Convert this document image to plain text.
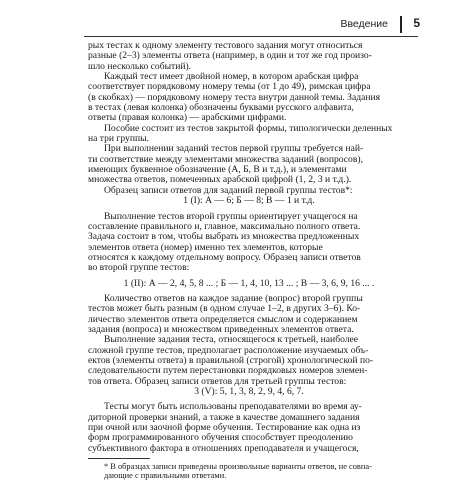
Введение 5

рых тестах к одному элементу тестового задания могут относиться

разные (2–3) элементы ответа (например, в один и тот же год произо-

шло несколько событий).

Каждый тест имеет двойной номер, в котором арабская цифра

соответствует порядковому номеру темы (от 1 до 49), римская цифра

(в скобках) — порядковому номеру теста внутри данной темы. Задания

в тестах (левая колонка) обозначены буквами русского алфавита,

ответы (правая колонка) — арабскими цифрами.

Пособие состоит из тестов закрытой формы, типологически деленных

на три группы.

При выполнении заданий тестов первой группы требуется най-

ти соответствие между элементами множества заданий (вопросов),

имеющих буквенное обозначение (А, Б, В и т.д.), и элементами

множества ответов, помеченных арабской цифрой (1, 2, 3 и т.д.).

Образец записи ответов для заданий первой группы тестов*:

1 (I): А — 6; Б — 8; В — 1 и т.д.

Выполнение тестов второй группы ориентирует учащегося на

составление правильного и, главное, максимально полного ответа.

Задача состоит в том, чтобы выбрать из множества предложенных

элементов ответа (номер) именно тех элементов, которые

относятся к каждому отдельному вопросу. Образец записи ответов

во второй группе тестов:

1 (II): А — 2, 4, 5, 8 ... ; Б — 1, 4, 10, 13 ... ; В — 3, 6, 9, 16 ... .

Количество ответов на каждое задание (вопрос) второй группы

тестов может быть разным (в одном случае 1–2, в других 3–6). Ко-

личество элементов ответа определяется смыслом и содержанием

задания (вопроса) и множеством приведенных элементов ответа.

Выполнение задания теста, относящегося к третьей, наиболее

сложной группе тестов, предполагает расположение изучаемых объ-

ектов (элементы ответа) в правильной (строгой) хронологической по-

следовательности путем перестановки порядковых номеров элемен-

тов ответа. Образец записи ответов для третьей группы тестов:

3 (V): 5, 1, 3, 8, 2, 9, 4, 6, 7.

Тесты могут быть использованы преподавателями во время ау-

диторной проверки знаний, а также в качестве домашнего задания

при очной или заочной форме обучения. Тестирование как одна из

форм программированного обучения способствует преодолению

субъективного фактора в отношениях преподавателя и учащегося,

* В образцах записи приведены произвольные варианты ответов, не совпа-

дающие с правильными ответами.
